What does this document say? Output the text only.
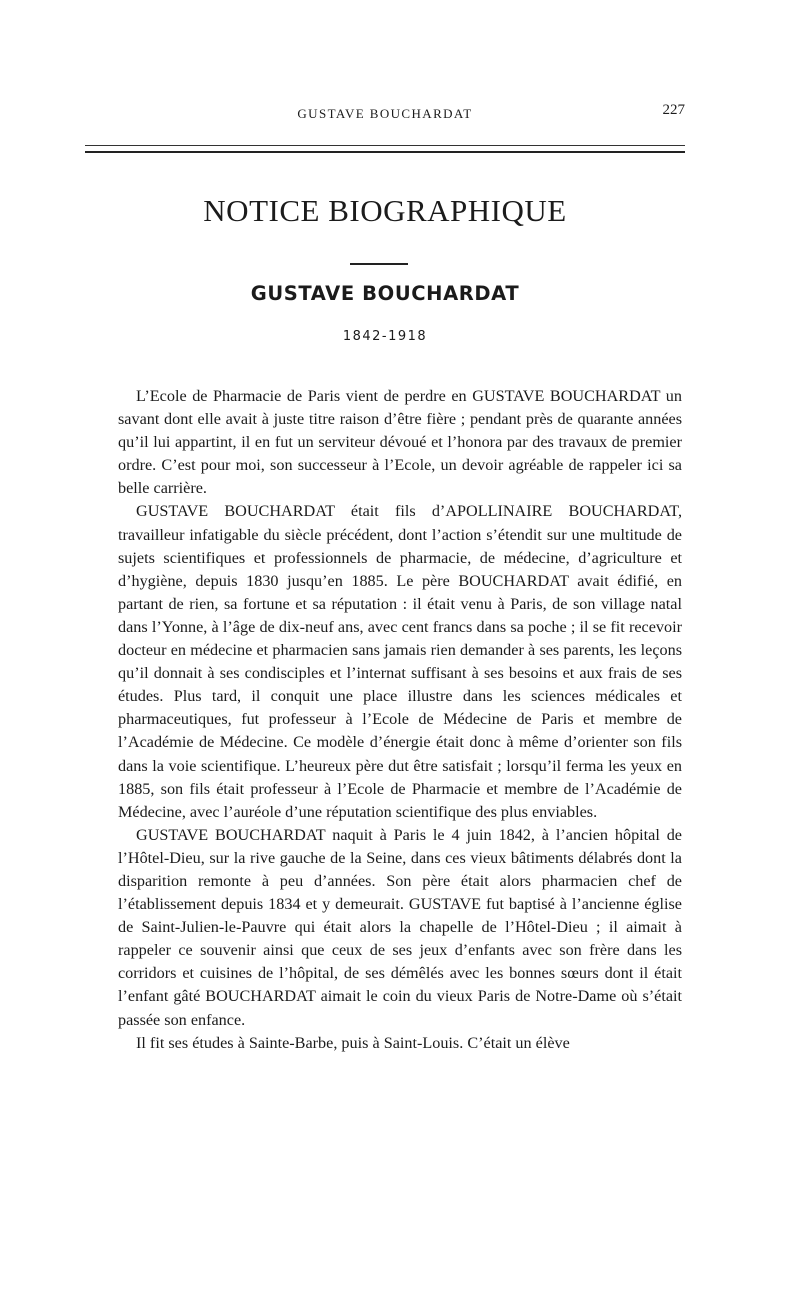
GUSTAVE BOUCHARDAT	227
NOTICE BIOGRAPHIQUE
GUSTAVE BOUCHARDAT
1842-1918

L’Ecole de Pharmacie de Paris vient de perdre en GUSTAVE BOUCHARDAT un savant dont elle avait à juste titre raison d’être fière ; pendant près de quarante années qu’il lui appartint, il en fut un serviteur dévoué et l’honora par des travaux de premier ordre. C’est pour moi, son successeur à l’Ecole, un devoir agréable de rappeler ici sa belle carrière.

GUSTAVE BOUCHARDAT était fils d’APOLLINAIRE BOUCHARDAT, travailleur infatigable du siècle précédent, dont l’action s’étendit sur une multitude de sujets scientifiques et professionnels de pharmacie, de médecine, d’agriculture et d’hygiène, depuis 1830 jusqu’en 1885. Le père BOUCHARDAT avait édifié, en partant de rien, sa fortune et sa réputation : il était venu à Paris, de son village natal dans l’Yonne, à l’âge de dix-neuf ans, avec cent francs dans sa poche ; il se fit recevoir docteur en médecine et pharmacien sans jamais rien demander à ses parents, les leçons qu’il donnait à ses condisciples et l’internat suffisant à ses besoins et aux frais de ses études. Plus tard, il conquit une place illustre dans les sciences médicales et pharmaceutiques, fut professeur à l’Ecole de Médecine de Paris et membre de l’Académie de Médecine. Ce modèle d’énergie était donc à même d’orienter son fils dans la voie scientifique. L’heureux père dut être satisfait ; lorsqu’il ferma les yeux en 1885, son fils était professeur à l’Ecole de Pharmacie et membre de l’Académie de Médecine, avec l’auréole d’une réputation scientifique des plus enviables.

GUSTAVE BOUCHARDAT naquit à Paris le 4 juin 1842, à l’ancien hôpital de l’Hôtel-Dieu, sur la rive gauche de la Seine, dans ces vieux bâtiments délabrés dont la disparition remonte à peu d’années. Son père était alors pharmacien chef de l’établissement depuis 1834 et y demeurait. GUSTAVE fut baptisé à l’ancienne église de Saint-Julien-le-Pauvre qui était alors la chapelle de l’Hôtel-Dieu ; il aimait à rappeler ce souvenir ainsi que ceux de ses jeux d’enfants avec son frère dans les corridors et cuisines de l’hôpital, de ses démêlés avec les bonnes sœurs dont il était l’enfant gâté BOUCHARDAT aimait le coin du vieux Paris de Notre-Dame où s’était passée son enfance.

Il fit ses études à Sainte-Barbe, puis à Saint-Louis. C’était un élève
